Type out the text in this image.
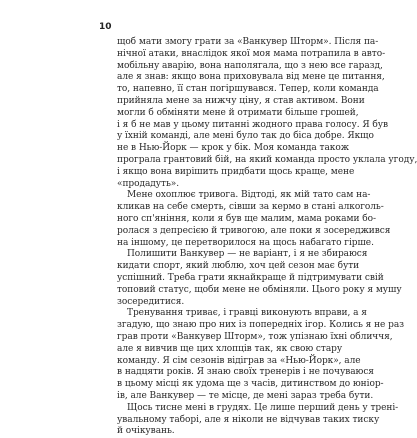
10
щоб мати змогу грати за «Ванкувер Шторм». Після па-
нічної атаки, внаслідок якої моя мама потрапила в авто-
мобільну аварію, вона наполягала, що з нею все гаразд,
але я знав: якщо вона приховувала від мене це питання,
то, напевно, її стан погіршувався. Тепер, коли команда
прийняла мене за нижчу ціну, я став активом. Вони
могли б обміняти мене й отримати більше грошей,
і я б не мав у цьому питанні жодного права голосу. Я був
у їхній команді, але мені було так до біса добре. Якщо
не в Нью-Йорк — крок у бік. Моя команда також
програла грантовий бій, на який команда просто уклала угоду,
і якщо вона вирішить придбати щось краще, мене
«продадуть».
Мене охоплює тривога. Відтоді, як мій тато сам на-
кликав на себе смерть, сівши за кермо в стані алкоголь-
ного сп'яніння, коли я був ще малим, мама роками бо-
ролася з депресією й тривогою, але поки я зосереджився
на іншому, це перетворилося на щось набагато гірше.
Полишити Ванкувер — не варіант, і я не збираюся
кидати спорт, який люблю, хоч цей сезон має бути
успішний. Треба грати якнайкраще й підтримувати свій
топовий статус, щоби мене не обміняли. Цього року я мушу
зосередитися.
Тренування триває, і гравці виконують вправи, а я
згадую, що знаю про них із попередніх ігор. Колись я не раз
грав проти «Ванкувер Шторм», тож упізнаю їхні обличчя,
але я вивчив ще цих хлопців так, як свою стару
команду. Я сім сезонів відіграв за «Нью-Йорк», але
в надцяти років. Я знаю своїх тренерів і не почуваюся
в цьому місці як удома ще з часів, дитинством до юніор-
ів, але Ванкувер — те місце, де мені зараз треба бути.
Щось тисне мені в грудях. Це лише перший день у трені-
увальному таборі, але я ніколи не відчував таких тиску
й очікувань.
